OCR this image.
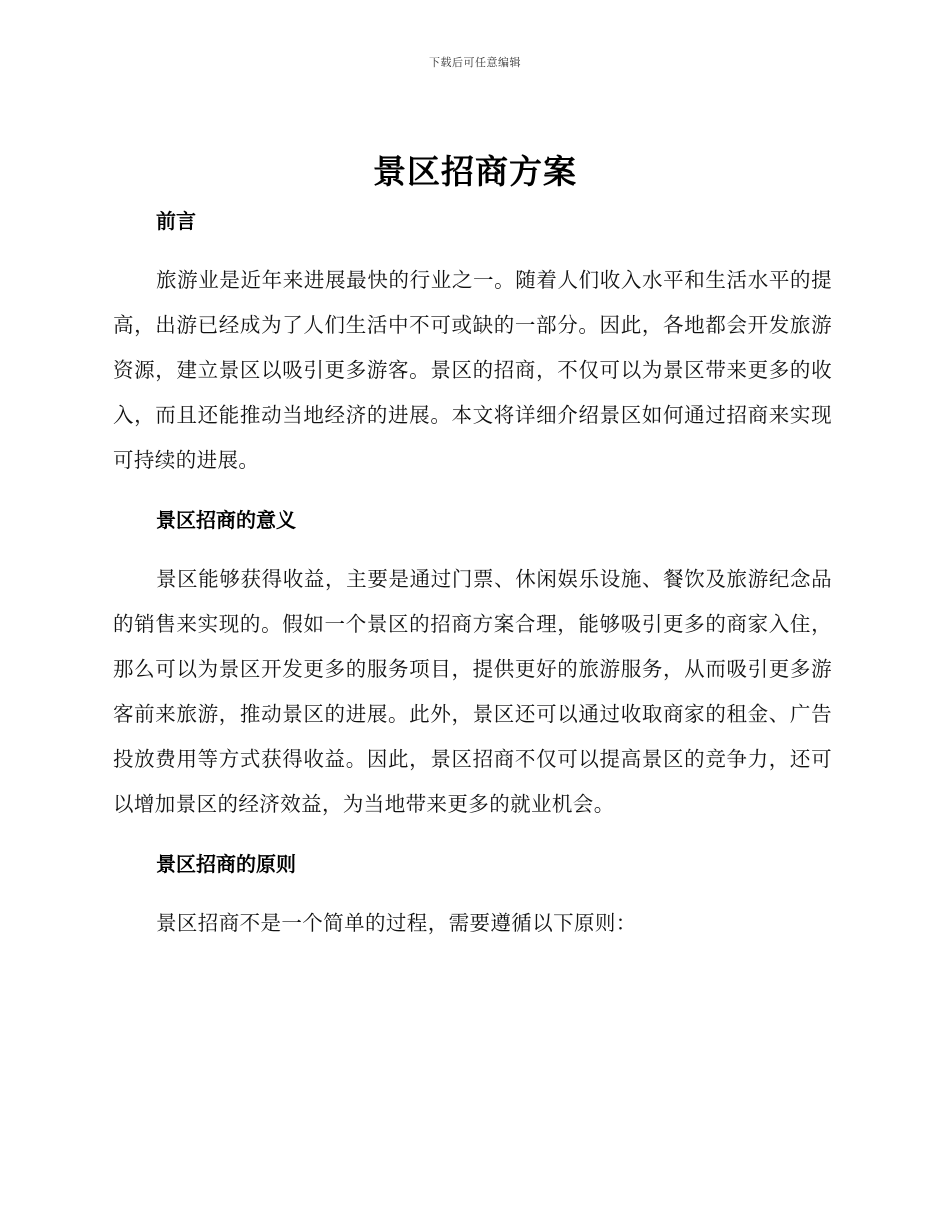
下载后可任意编辑
景区招商方案
前言

旅游业是近年来进展最快的行业之一。随着人们收入水平和生活水平的提高，出游已经成为了人们生活中不可或缺的一部分。因此，各地都会开发旅游资源，建立景区以吸引更多游客。景区的招商，不仅可以为景区带来更多的收入，而且还能推动当地经济的进展。本文将详细介绍景区如何通过招商来实现可持续的进展。

景区招商的意义

景区能够获得收益，主要是通过门票、休闲娱乐设施、餐饮及旅游纪念品的销售来实现的。假如一个景区的招商方案合理，能够吸引更多的商家入住，那么可以为景区开发更多的服务项目，提供更好的旅游服务，从而吸引更多游客前来旅游，推动景区的进展。此外，景区还可以通过收取商家的租金、广告投放费用等方式获得收益。因此，景区招商不仅可以提高景区的竞争力，还可以增加景区的经济效益，为当地带来更多的就业机会。

景区招商的原则

景区招商不是一个简单的过程，需要遵循以下原则：
